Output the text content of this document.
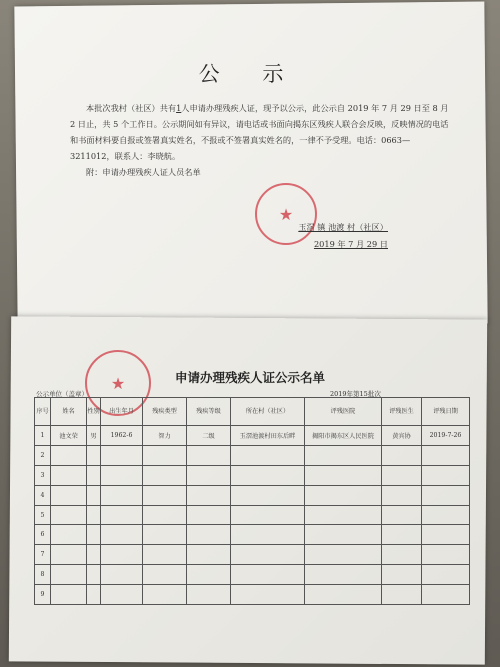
公 示

本批次我村（社区）共有1人申请办理残疾人证，现予以公示，此公示自 2019 年 7 月 29 日至 8 月 2 日止，共 5 个工作日。公示期间如有异议，请电话或书面向揭东区残疾人联合会反映，反映情况的电话和书面材料要自报或签署真实姓名，不报或不签署真实姓名的，一律不予受理。电话：0663—3211012，联系人：李晓航。

附：申请办理残疾人证人员名单

★
玉滘 镇 池渡 村（社区）
2019 年 7 月 29 日
★	申请办理残疾人证公示名单
公示单位（盖章）	2019年第15批次
序号	姓名	性别	出生年月	残疾类型	残疾等级	所在村（社区）	评残医院	评残医生	评残日期
1	池文荣	男	1962-6	智力	二级	玉滘池渡村田东后畔	揭阳市揭东区人民医院	黄宾协	2019-7-26
2									
3									
4									
5									
6									
7									
8									
9									
